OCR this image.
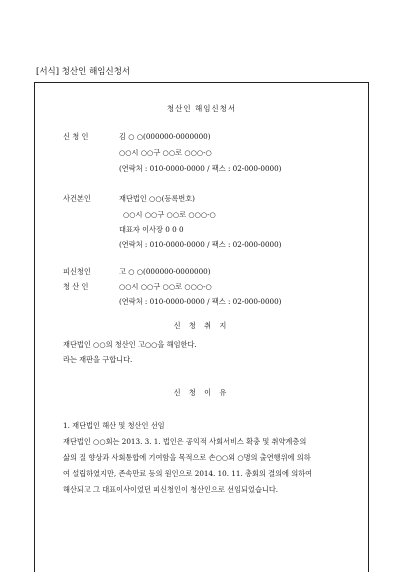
[서식] 청산인 해임신청서
청산인 해임신청서
신 청 인	김 ○ ○(000000-0000000)
○○시 ○○구 ○○로 ○○○-○
(연락처 : 010-0000-0000 / 팩스 : 02-000-0000)
사건본인	재단법인 ○○(등록번호)
○○시 ○○구 ○○로 ○○○-○
대표자 이사장 0 0 0
(연락처 : 010-0000-0000 / 팩스 : 02-000-0000)
피신청인	고 ○ ○(000000-0000000)
청 산 인	○○시 ○○구 ○○로 ○○○-○
(연락처 : 010-0000-0000 / 팩스 : 02-000-0000)
신 청 취 지
재단법인 ○○의 청산인 고○○을 해임한다.
라는 재판을 구합니다.
신 청 이 유
1. 재단법인 해산 및 청산인 선임
재단법인 ○○회는 2013. 3. 1. 법인은 공익적 사회서비스 확충 및 취약계층의
삶의 질 향상과 사회통합에 기여함을 목적으로 손○○외 ○명의 출연행위에 의하
여 설립하였지만, 존속만료 등의 원인으로 2014. 10. 11. 총회의 결의에 의하여
해산되고 그 대표이사이었던 피신청인이 청산인으로 선임되었습니다.
